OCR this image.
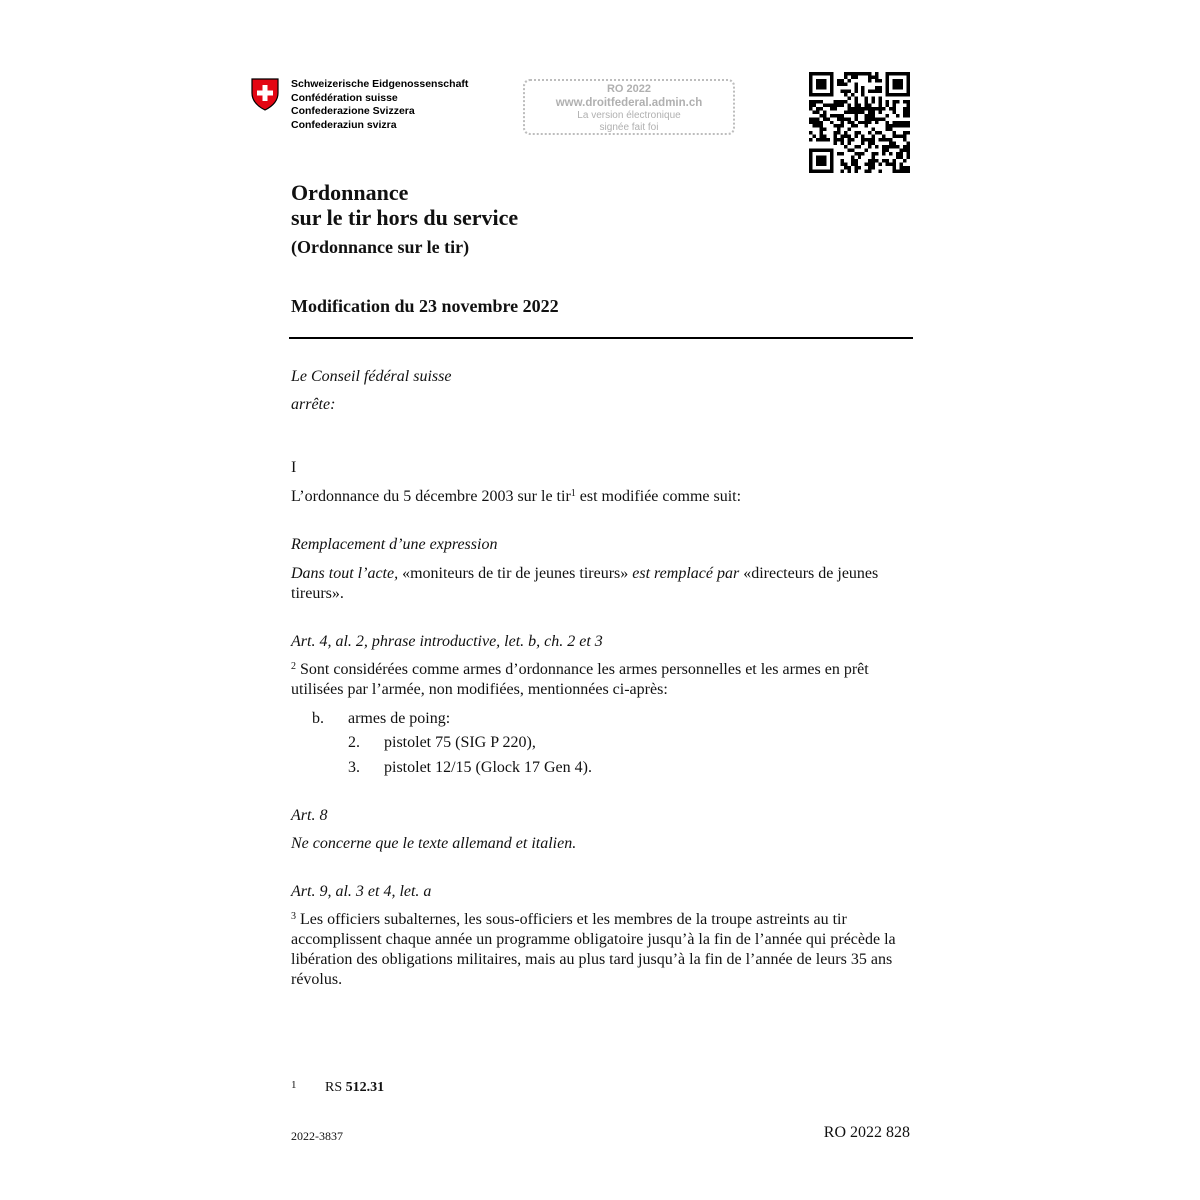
Schweizerische Eidgenossenschaft
Confédération suisse
Confederazione Svizzera
Confederaziun svizra
RO 2022
www.droitfederal.admin.ch
La version électronique
signée fait foi
Ordonnance
sur le tir hors du service
(Ordonnance sur le tir)
Modification du 23 novembre 2022
Le Conseil fédéral suisse
arrête:
I
L’ordonnance du 5 décembre 2003 sur le tir$^1$ est modifiée comme suit:
Remplacement d’une expression
Dans tout l’acte, «moniteurs de tir de jeunes tireurs» est remplacé par «directeurs de jeunes tireurs».
Art. 4, al. 2, phrase introductive, let. b, ch. 2 et 3
$^2$ Sont considérées comme armes d’ordonnance les armes personnelles et les armes en prêt utilisées par l’armée, non modifiées, mentionnées ci-après:
b. armes de poing:
2. pistolet 75 (SIG P 220),
3. pistolet 12/15 (Glock 17 Gen 4).
Art. 8
Ne concerne que le texte allemand et italien.
Art. 9, al. 3 et 4, let. a
$^3$ Les officiers subalternes, les sous-officiers et les membres de la troupe astreints au tir accomplissent chaque année un programme obligatoire jusqu’à la fin de l’année qui précède la libération des obligations militaires, mais au plus tard jusqu’à la fin de l’année de leurs 35 ans révolus.
1 RS 512.31
2022-3837	RO 2022 828
